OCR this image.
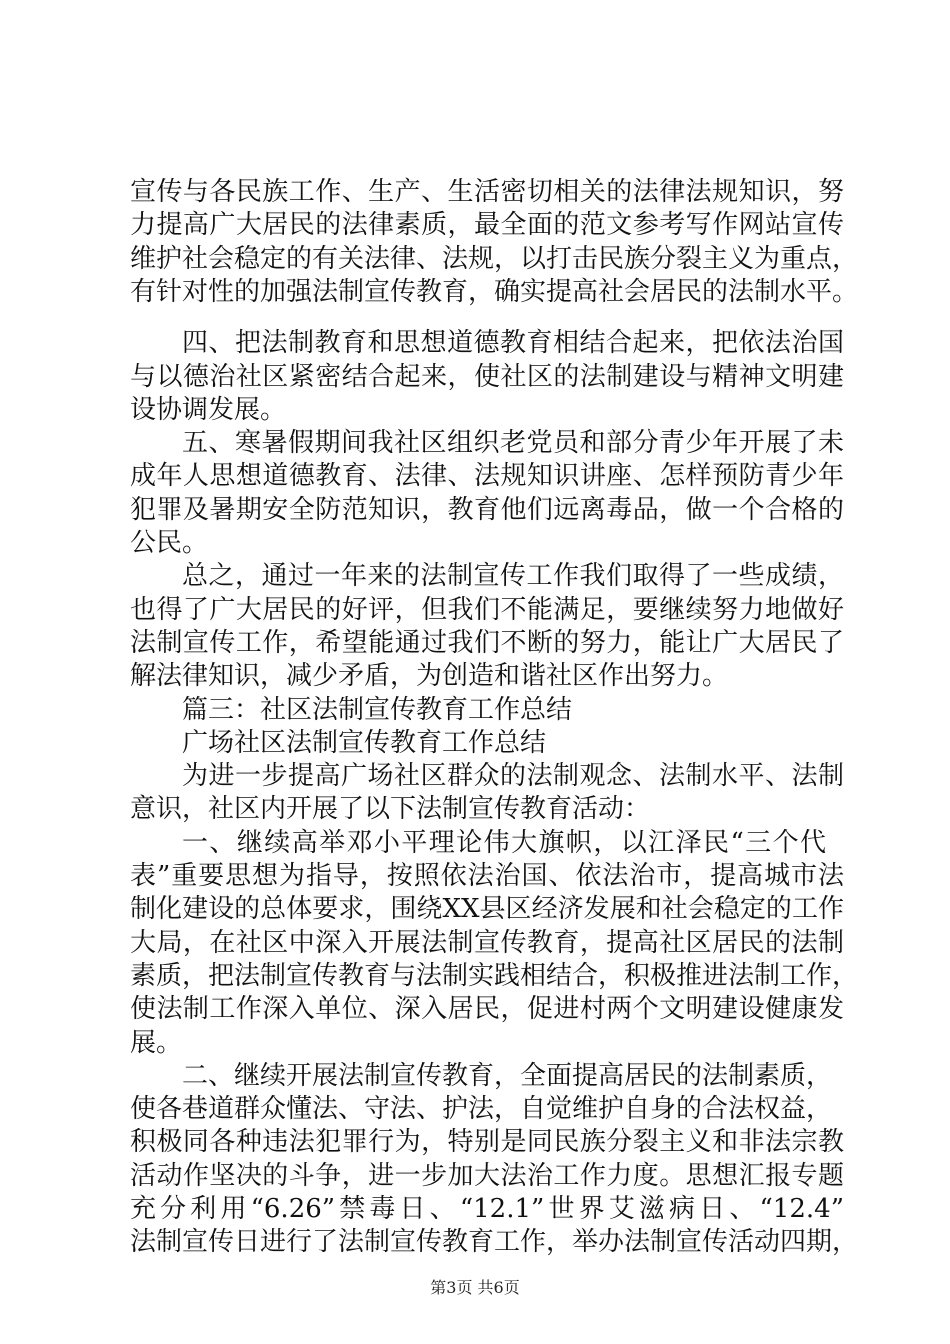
宣传与各民族工作、生产、生活密切相关的法律法规知识，努
力提高广大居民的法律素质，最全面的范文参考写作网站宣传
维护社会稳定的有关法律、法规，以打击民族分裂主义为重点，
有针对性的加强法制宣传教育，确实提高社会居民的法制水平。
四、把法制教育和思想道德教育相结合起来，把依法治国
与以德治社区紧密结合起来，使社区的法制建设与精神文明建
设协调发展。
五、寒暑假期间我社区组织老党员和部分青少年开展了未
成年人思想道德教育、法律、法规知识讲座、怎样预防青少年
犯罪及暑期安全防范知识，教育他们远离毒品，做一个合格的
公民。
总之，通过一年来的法制宣传工作我们取得了一些成绩，
也得了广大居民的好评，但我们不能满足，要继续努力地做好
法制宣传工作，希望能通过我们不断的努力，能让广大居民了
解法律知识，减少矛盾，为创造和谐社区作出努力。
篇三：社区法制宣传教育工作总结
广场社区法制宣传教育工作总结
为进一步提高广场社区群众的法制观念、法制水平、法制
意识，社区内开展了以下法制宣传教育活动：
一、继续高举邓小平理论伟大旗帜，以江泽民“三个代
表”重要思想为指导，按照依法治国、依法治市，提高城市法
制化建设的总体要求，围绕XX县区经济发展和社会稳定的工作
大局，在社区中深入开展法制宣传教育，提高社区居民的法制
素质，把法制宣传教育与法制实践相结合，积极推进法制工作，
使法制工作深入单位、深入居民，促进村两个文明建设健康发
展。
二、继续开展法制宣传教育，全面提高居民的法制素质，
使各巷道群众懂法、守法、护法，自觉维护自身的合法权益，
积极同各种违法犯罪行为，特别是同民族分裂主义和非法宗教
活动作坚决的斗争，进一步加大法治工作力度。思想汇报专题
充分利用“6.26”禁毒日、“12.1”世界艾滋病日、“12.4”
法制宣传日进行了法制宣传教育工作，举办法制宣传活动四期，
第3页 共6页
